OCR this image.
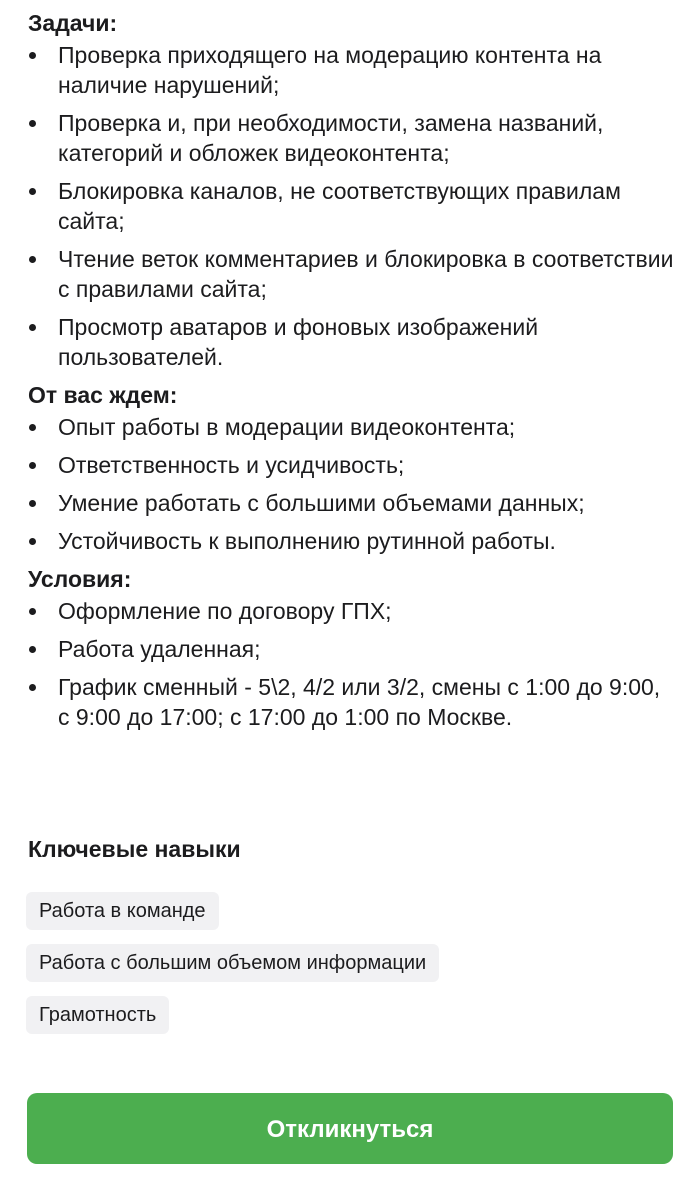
Задачи:
Проверка приходящего на модерацию контента на наличие нарушений;
Проверка и, при необходимости, замена названий, категорий и обложек видеоконтента;
Блокировка каналов, не соответствующих правилам сайта;
Чтение веток комментариев и блокировка в соответствии с правилами сайта;
Просмотр аватаров и фоновых изображений пользователей.
От вас ждем:
Опыт работы в модерации видеоконтента;
Ответственность и усидчивость;
Умение работать с большими объемами данных;
Устойчивость к выполнению рутинной работы.
Условия:
Оформление по договору ГПХ;
Работа удаленная;
График сменный - 5\2, 4/2 или 3/2, смены с 1:00 до 9:00, с 9:00 до 17:00; с 17:00 до 1:00 по Москве.
Ключевые навыки
Работа в команде
Работа с большим объемом информации
Грамотность
Откликнуться
